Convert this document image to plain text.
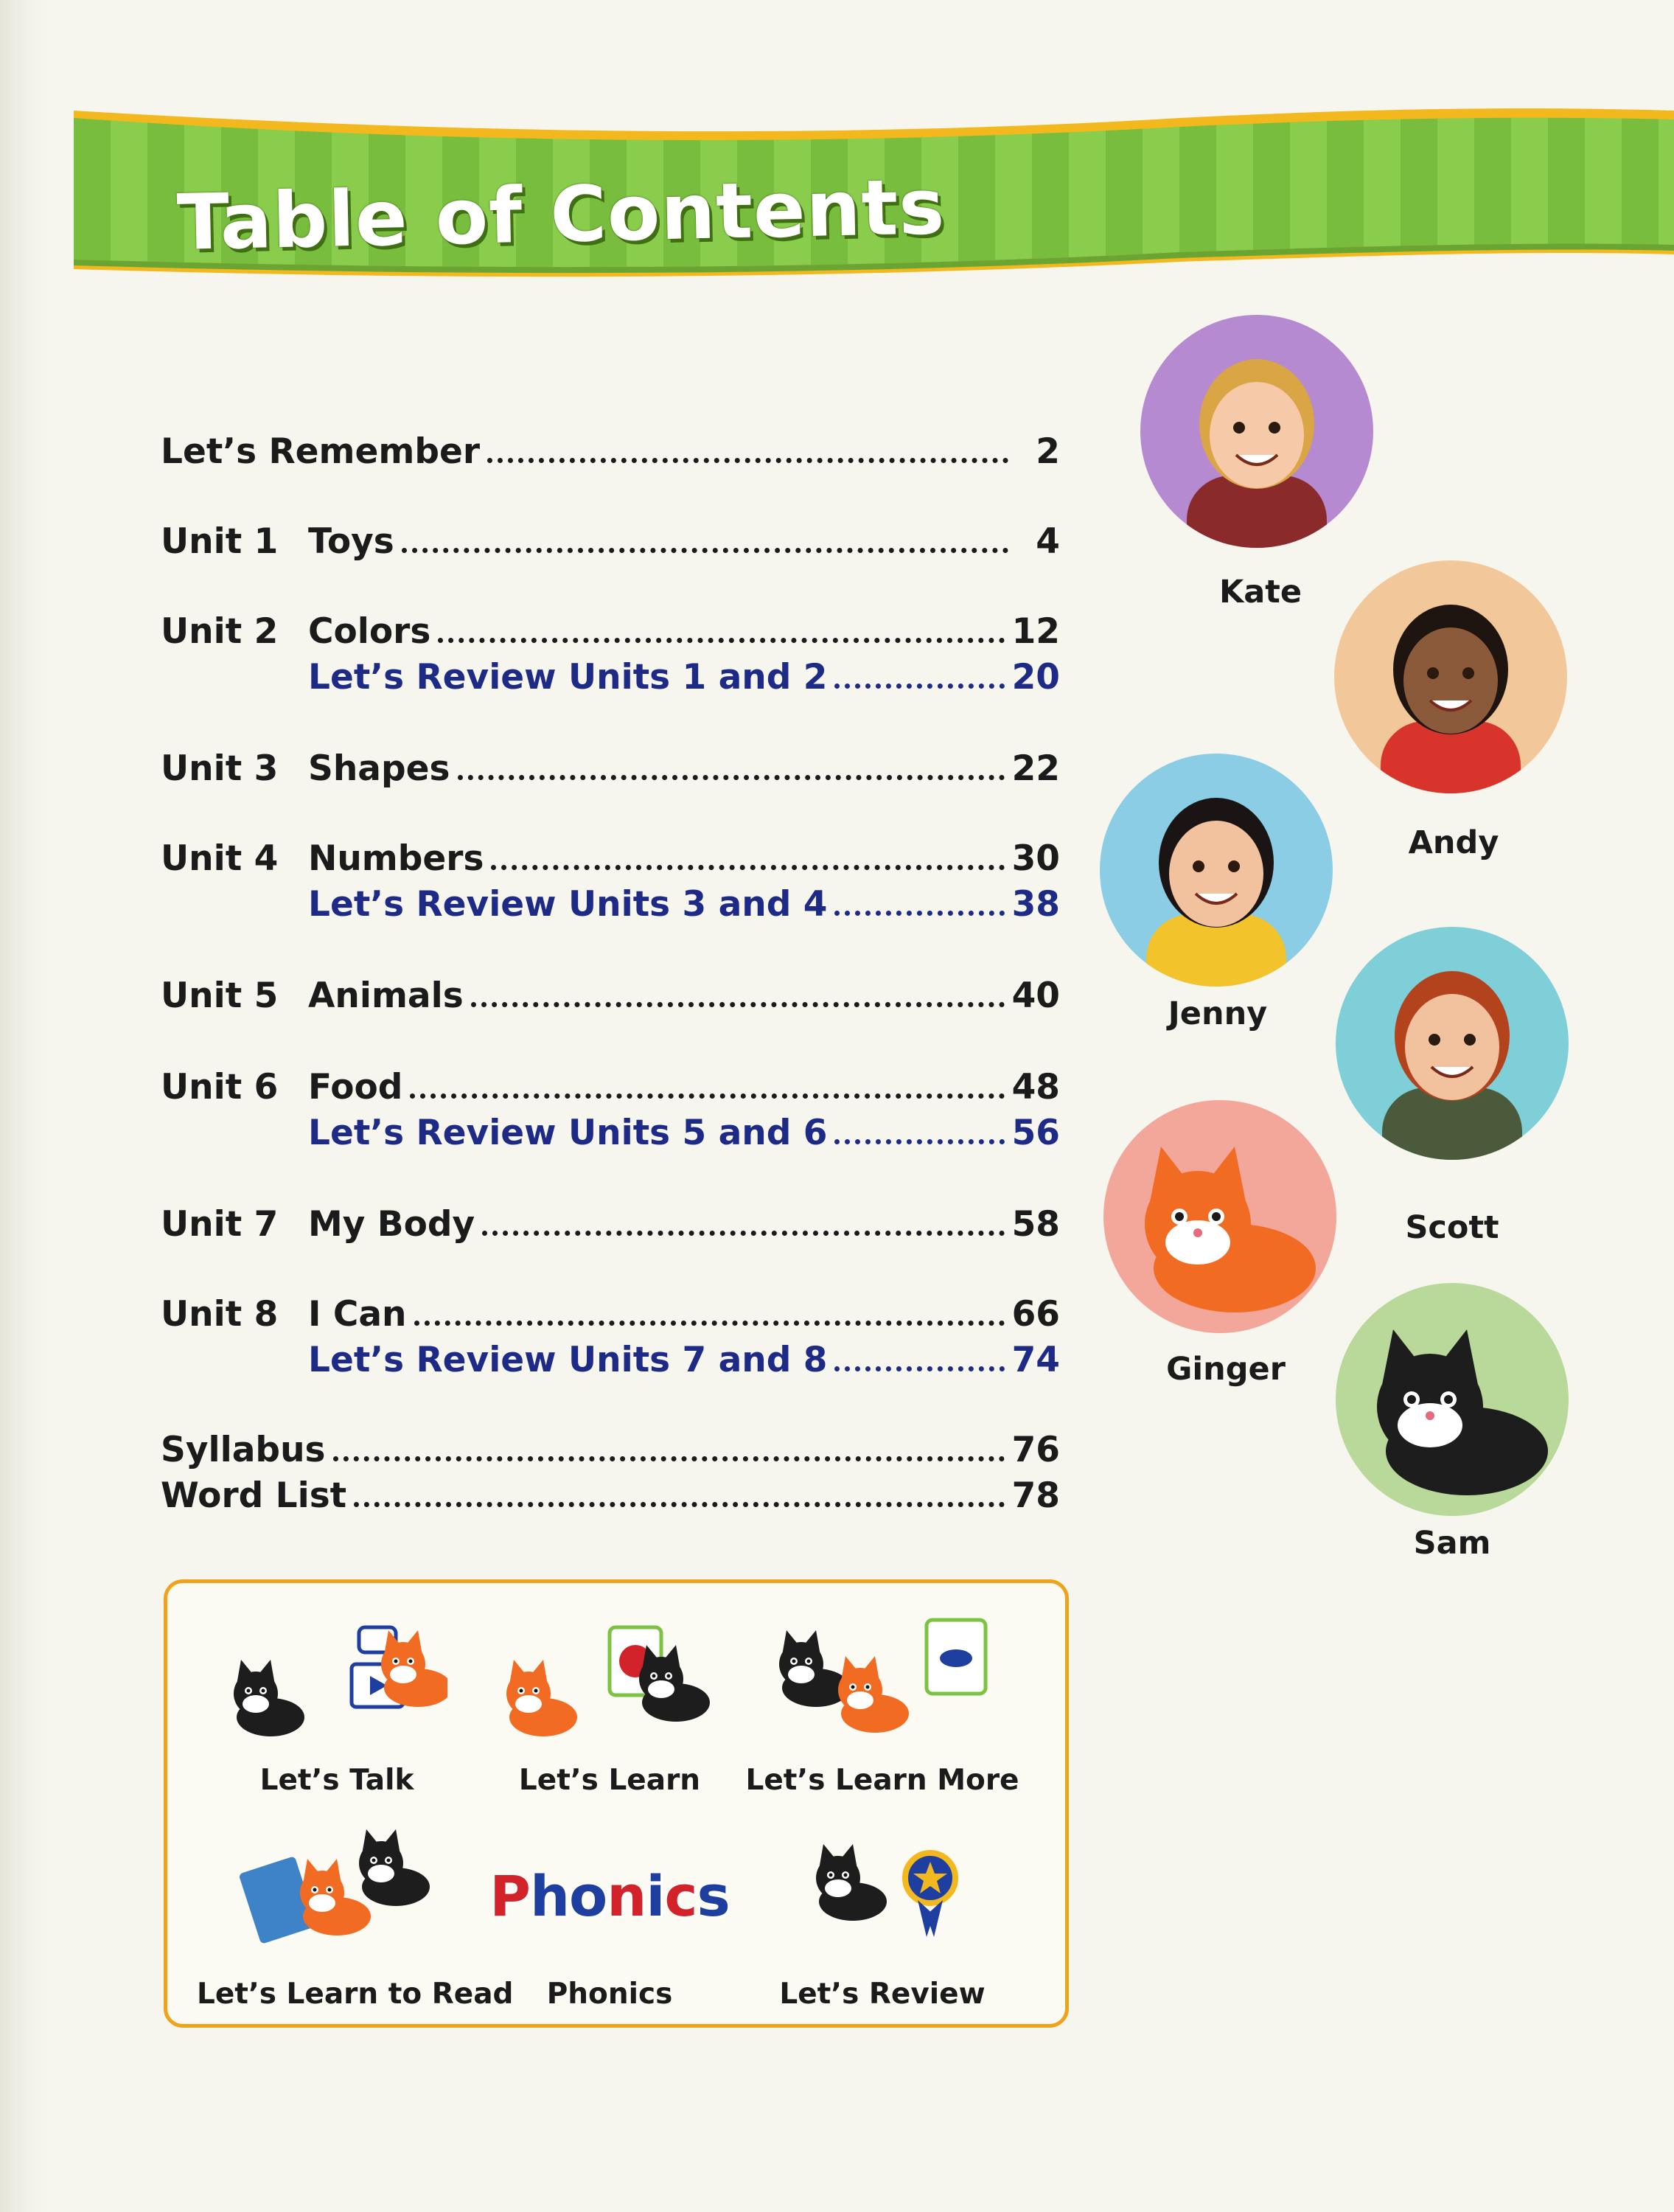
Table of Contents
Let’s Remember	2
Unit 1 Toys	4
Unit 2 Colors	12
Let’s Review Units 1 and 2	20
Unit 3 Shapes	22
Unit 4 Numbers	30
Let’s Review Units 3 and 4	38
Unit 5 Animals	40
Unit 6 Food	48
Let’s Review Units 5 and 6	56
Unit 7 My Body	58
Unit 8 I Can	66
Let’s Review Units 7 and 8	74
Syllabus	76
Word List	78
Kate
Andy
Jenny
Scott
Ginger
Sam
Let’s Talk	Let’s Learn	Let’s Learn More
Let’s Learn to Read
Phonics
Phonics	Let’s Review
